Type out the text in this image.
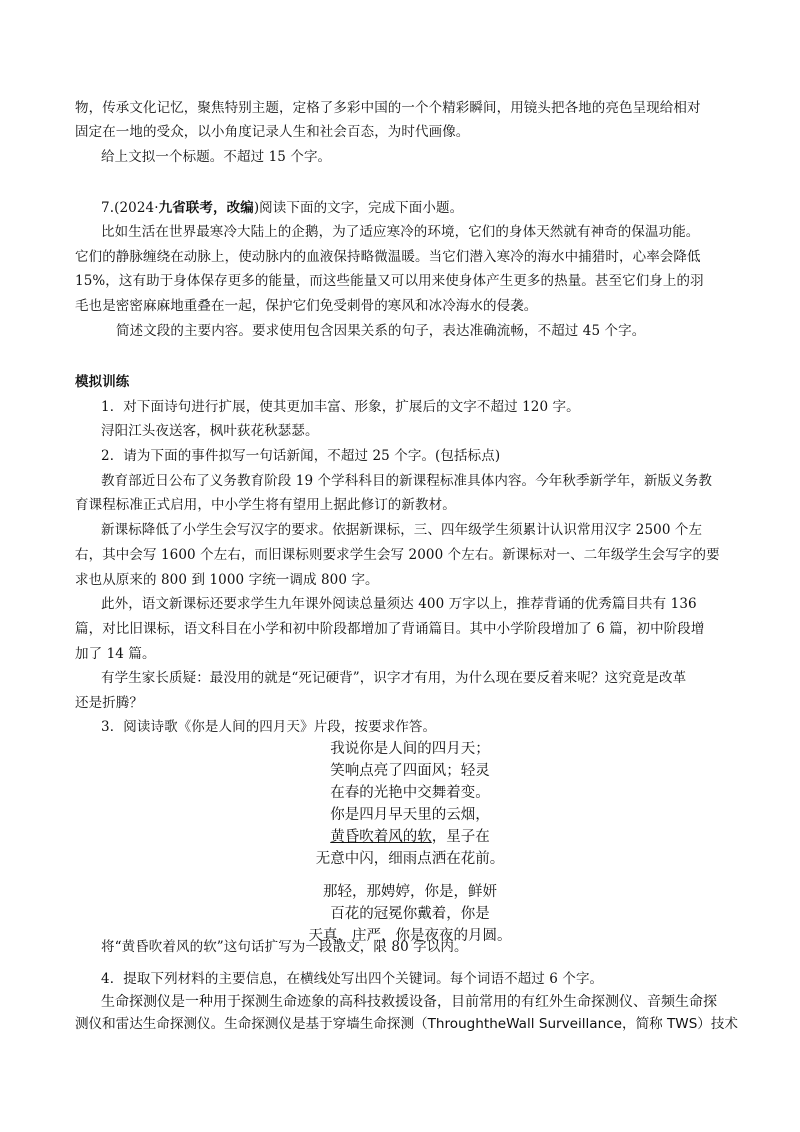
物，传承文化记忆，聚焦特别主题，定格了多彩中国的一个个精彩瞬间，用镜头把各地的亮色呈现给相对

固定在一地的受众，以小角度记录人生和社会百态，为时代画像。

给上文拟一个标题。不超过 15 个字。

7.(2024·九省联考，改编)阅读下面的文字，完成下面小题。

比如生活在世界最寒冷大陆上的企鹅，为了适应寒冷的环境，它们的身体天然就有神奇的保温功能。

它们的静脉缠绕在动脉上，使动脉内的血液保持略微温暖。当它们潜入寒冷的海水中捕猎时，心率会降低

15%，这有助于身体保存更多的能量，而这些能量又可以用来使身体产生更多的热量。甚至它们身上的羽

毛也是密密麻麻地重叠在一起，保护它们免受刺骨的寒风和冰冷海水的侵袭。

简述文段的主要内容。要求使用包含因果关系的句子，表达准确流畅，不超过 45 个字。

模拟训练

1．对下面诗句进行扩展，使其更加丰富、形象，扩展后的文字不超过 120 字。

浔阳江头夜送客，枫叶荻花秋瑟瑟。

2．请为下面的事件拟写一句话新闻，不超过 25 个字。(包括标点)

教育部近日公布了义务教育阶段 19 个学科科目的新课程标准具体内容。今年秋季新学年，新版义务教

育课程标准正式启用，中小学生将有望用上据此修订的新教材。

新课标降低了小学生会写汉字的要求。依据新课标，三、四年级学生须累计认识常用汉字 2500 个左

右，其中会写 1600 个左右，而旧课标则要求学生会写 2000 个左右。新课标对一、二年级学生会写字的要

求也从原来的 800 到 1000 字统一调成 800 字。

此外，语文新课标还要求学生九年课外阅读总量须达 400 万字以上，推荐背诵的优秀篇目共有 136

篇，对比旧课标，语文科目在小学和初中阶段都增加了背诵篇目。其中小学阶段增加了 6 篇，初中阶段增

加了 14 篇。

有学生家长质疑：最没用的就是“死记硬背”，识字才有用，为什么现在要反着来呢？这究竟是改革

还是折腾？

3．阅读诗歌《你是人间的四月天》片段，按要求作答。

我说你是人间的四月天；

笑响点亮了四面风；轻灵

在春的光艳中交舞着变。

你是四月早天里的云烟，

黄昏吹着风的软，星子在

无意中闪，细雨点洒在花前。

那轻，那娉婷，你是，鲜妍

百花的冠冕你戴着，你是

天真，庄严，你是夜夜的月圆。

将“黄昏吹着风的软”这句话扩写为一段散文，限 80 字以内。

4．提取下列材料的主要信息，在横线处写出四个关键词。每个词语不超过 6 个字。

生命探测仪是一种用于探测生命迹象的高科技救援设备，目前常用的有红外生命探测仪、音频生命探

测仪和雷达生命探测仪。生命探测仪是基于穿墙生命探测（ThroughtheWall Surveillance，简称 TWS）技术
